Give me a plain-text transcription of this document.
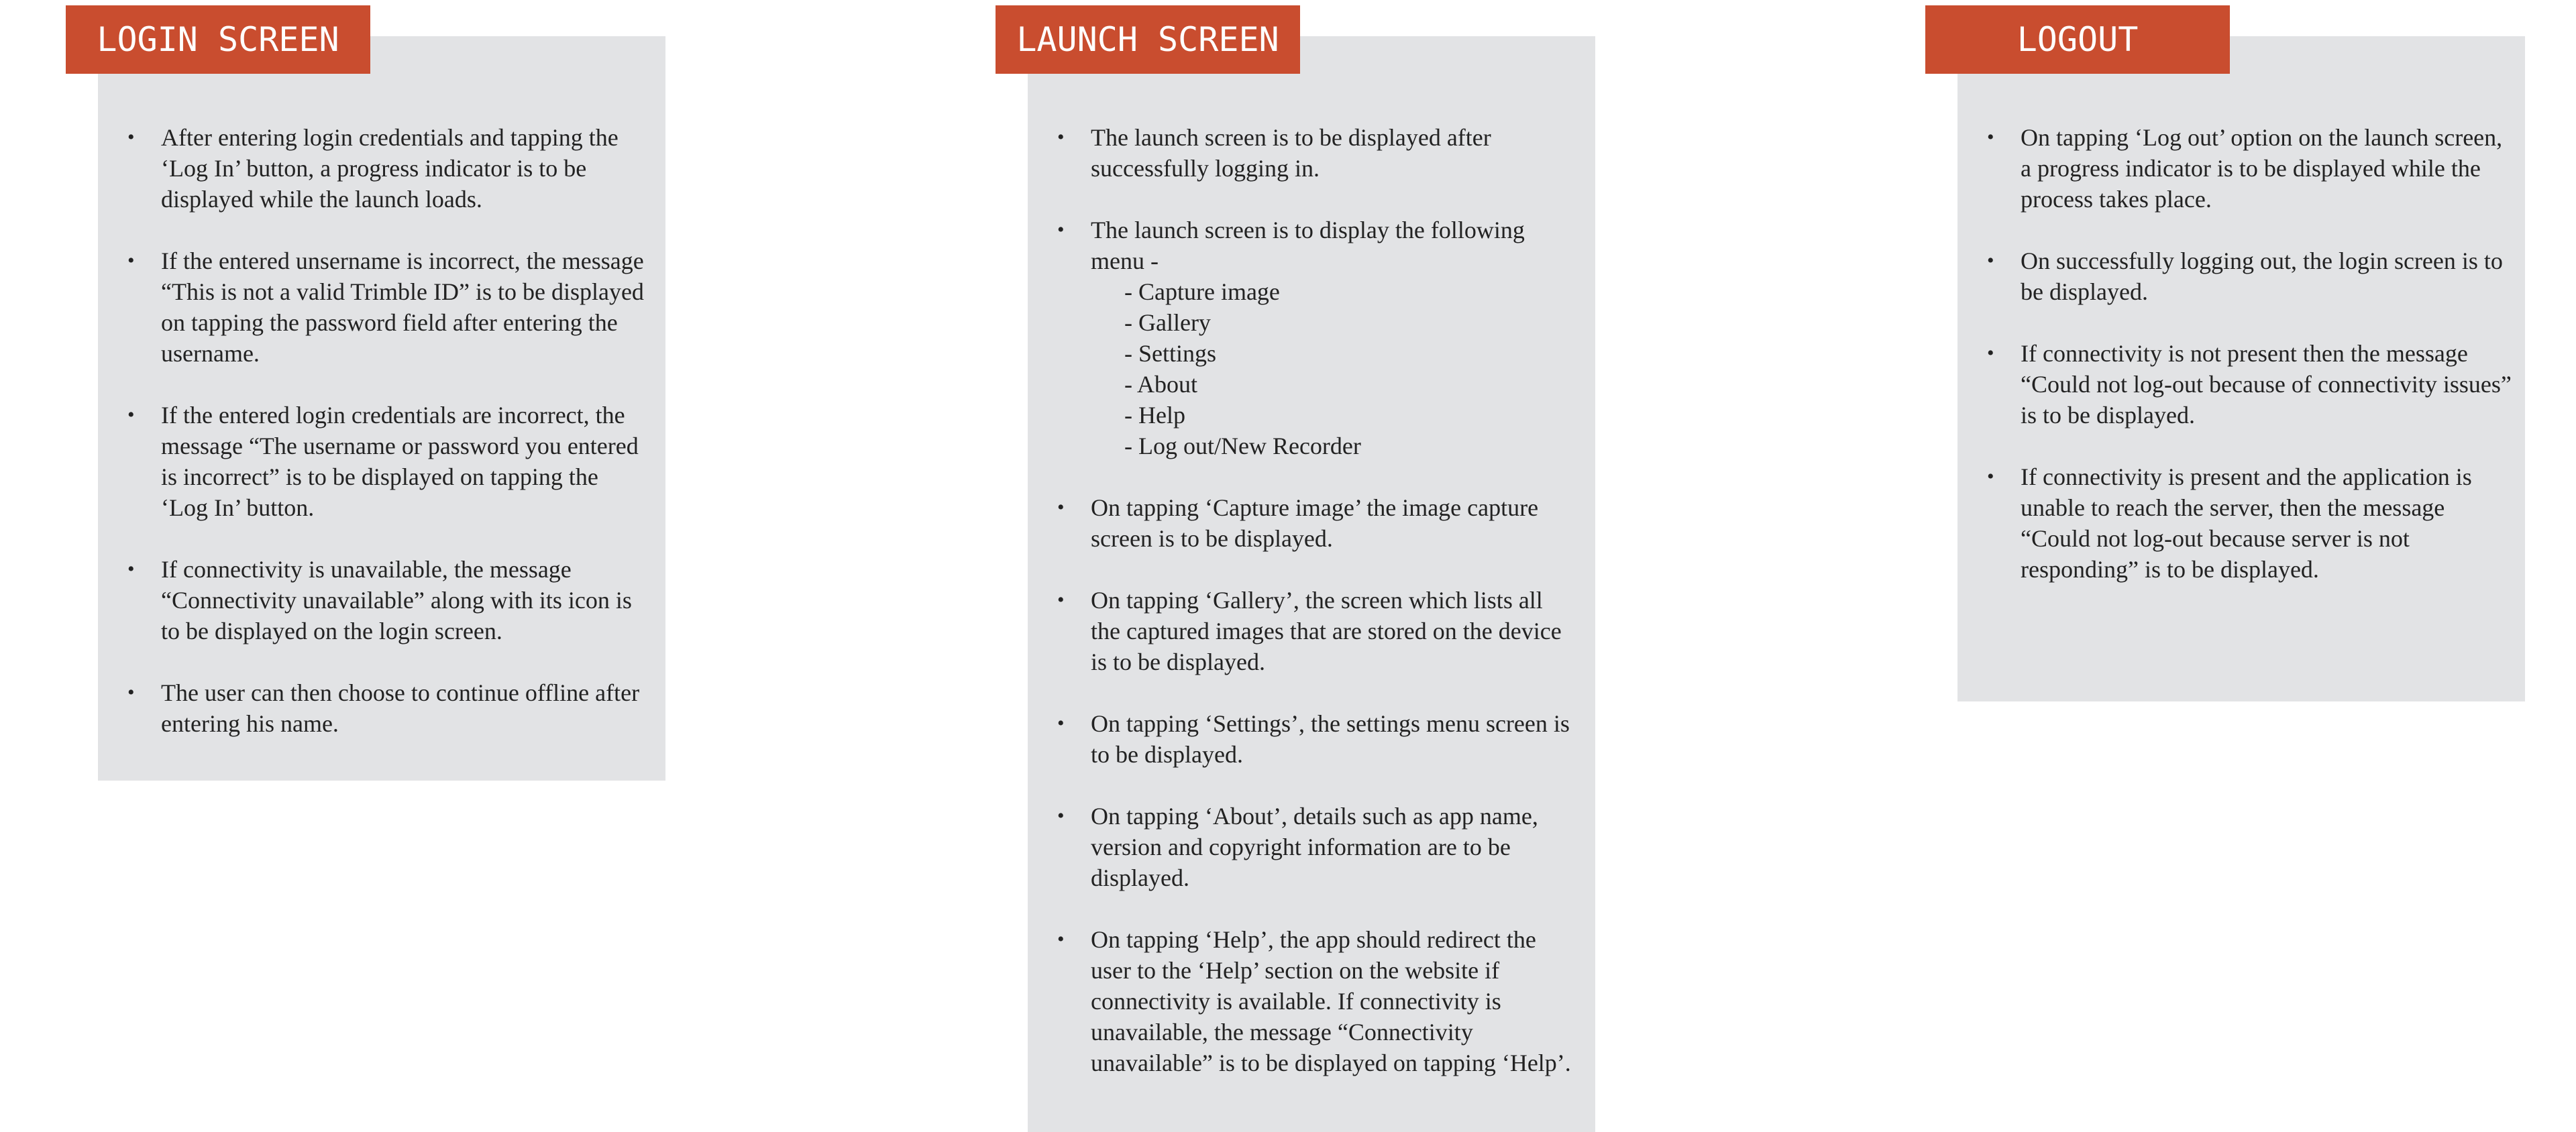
• After entering login credentials and tapping the ‘Log In’ button, a progress indicator is to be displayed while the launch loads.
• If the entered unsername is incorrect, the message “This is not a valid Trimble ID” is to be displayed on tapping the password field after entering the username.
• If the entered login credentials are incorrect, the message “The username or password you entered is incorrect” is to be displayed on tapping the ‘Log In’ button.
• If connectivity is unavailable, the message “Connectivity unavailable” along with its icon is to be displayed on the login screen.
• The user can then choose to continue offline after entering his name.
LOGIN SCREEN
• The launch screen is to be displayed after successfully logging in.
• The launch screen is to display the following menu -
- Capture image
- Gallery
- Settings
- About
- Help
- Log out/New Recorder
• On tapping ‘Capture image’ the image capture screen is to be displayed.
• On tapping ‘Gallery’, the screen which lists all the captured images that are stored on the device is to be displayed.
• On tapping ‘Settings’, the settings menu screen is to be displayed.
• On tapping ‘About’, details such as app name, version and copyright information are to be displayed.
• On tapping ‘Help’, the app should redirect the user to the ‘Help’ section on the website if connectivity is available. If connectivity is unavailable, the message “Connectivity unavailable” is to be displayed on tapping ‘Help’.
LAUNCH SCREEN
• On tapping ‘Log out’ option on the launch screen, a progress indicator is to be displayed while the process takes place.
• On successfully logging out, the login screen is to be displayed.
• If connectivity is not present then the message “Could not log-out because of connectivity issues” is to be displayed.
• If connectivity is present and the application is unable to reach the server, then the message “Could not log-out because server is not responding” is to be displayed.
LOGOUT
